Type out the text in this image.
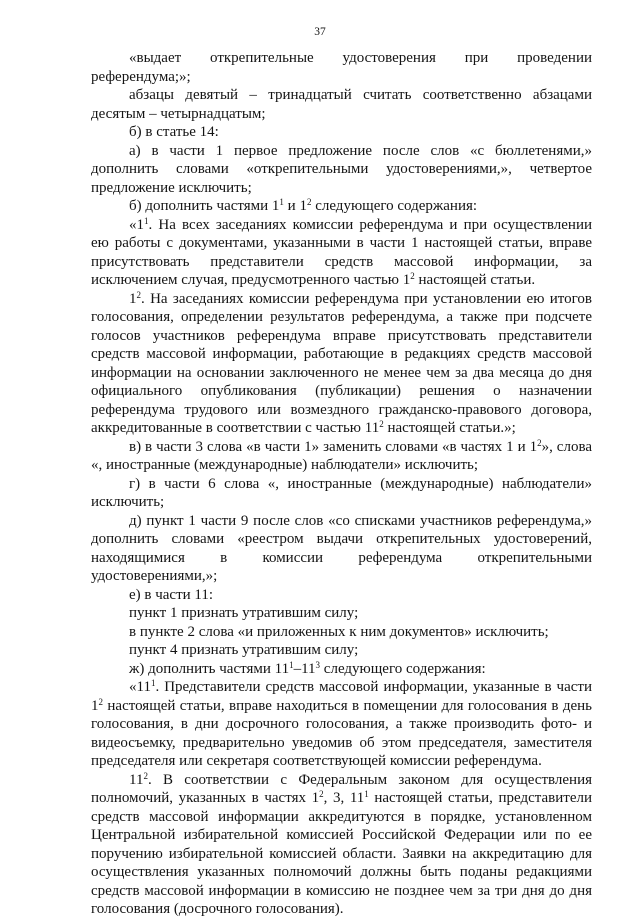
37

«выдает открепительные удостоверения при проведении референдума;»;

абзацы девятый – тринадцатый считать соответственно абзацами десятым – четырнадцатым;

б) в статье 14:

а) в части 1 первое предложение после слов «с бюллетенями,» дополнить словами «открепительными удостоверениями,», четвертое предложение исключить;

б) дополнить частями $1^1$ и $1^2$ следующего содержания:

«$1^1$. На всех заседаниях комиссии референдума и при осуществлении ею работы с документами, указанными в части 1 настоящей статьи, вправе присутствовать представители средств массовой информации, за исключением случая, предусмотренного частью $1^2$ настоящей статьи.

$1^2$. На заседаниях комиссии референдума при установлении ею итогов голосования, определении результатов референдума, а также при подсчете голосов участников референдума вправе присутствовать представители средств массовой информации, работающие в редакциях средств массовой информации на основании заключенного не менее чем за два месяца до дня официального опубликования (публикации) решения о назначении референдума трудового или возмездного гражданско-правового договора, аккредитованные в соответствии с частью $11^2$ настоящей статьи.»;

в) в части 3 слова «в части 1» заменить словами «в частях 1 и $1^2$», слова «, иностранные (международные) наблюдатели» исключить;

г) в части 6 слова «, иностранные (международные) наблюдатели» исключить;

д) пункт 1 части 9 после слов «со списками участников референдума,» дополнить словами «реестром выдачи открепительных удостоверений, находящимися в комиссии референдума открепительными удостоверениями,»;

е) в части 11:

пункт 1 признать утратившим силу;

в пункте 2 слова «и приложенных к ним документов» исключить;

пункт 4 признать утратившим силу;

ж) дополнить частями $11^1-11^3$ следующего содержания:

«$11^1$. Представители средств массовой информации, указанные в части $1^2$ настоящей статьи, вправе находиться в помещении для голосования в день голосования, в дни досрочного голосования, а также производить фото- и видеосъемку, предварительно уведомив об этом председателя, заместителя председателя или секретаря соответствующей комиссии референдума.

$11^2$. В соответствии с Федеральным законом для осуществления полномочий, указанных в частях $1^2$, 3, $11^1$ настоящей статьи, представители средств массовой информации аккредитуются в порядке, установленном Центральной избирательной комиссией Российской Федерации или по ее поручению избирательной комиссией области. Заявки на аккредитацию для осуществления указанных полномочий должны быть поданы редакциями средств массовой информации в комиссию не позднее чем за три дня до дня голосования (досрочного голосования).
